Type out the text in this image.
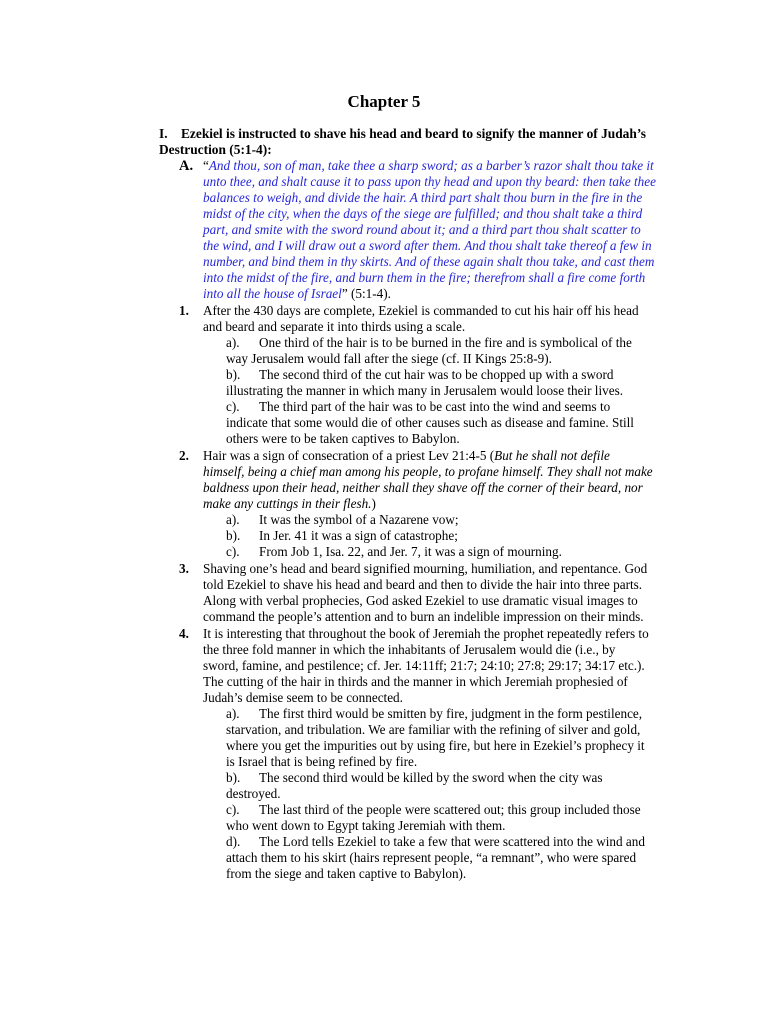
Chapter 5
I. Ezekiel is instructed to shave his head and beard to signify the manner of Judah’s Destruction (5:1-4):
A. “And thou, son of man, take thee a sharp sword; as a barber’s razor shalt thou take it unto thee, and shalt cause it to pass upon thy head and upon thy beard: then take thee balances to weigh, and divide the hair. A third part shalt thou burn in the fire in the midst of the city, when the days of the siege are fulfilled; and thou shalt take a third part, and smite with the sword round about it; and a third part thou shalt scatter to the wind, and I will draw out a sword after them. And thou shalt take thereof a few in number, and bind them in thy skirts. And of these again shalt thou take, and cast them into the midst of the fire, and burn them in the fire; therefrom shall a fire come forth into all the house of Israel” (5:1-4).
1. After the 430 days are complete, Ezekiel is commanded to cut his hair off his head and beard and separate it into thirds using a scale.
a). One third of the hair is to be burned in the fire and is symbolical of the way Jerusalem would fall after the siege (cf. II Kings 25:8-9).
b). The second third of the cut hair was to be chopped up with a sword illustrating the manner in which many in Jerusalem would loose their lives.
c). The third part of the hair was to be cast into the wind and seems to indicate that some would die of other causes such as disease and famine. Still others were to be taken captives to Babylon.
2. Hair was a sign of consecration of a priest Lev 21:4-5 (But he shall not defile himself, being a chief man among his people, to profane himself. They shall not make baldness upon their head, neither shall they shave off the corner of their beard, nor make any cuttings in their flesh.)
a). It was the symbol of a Nazarene vow;
b). In Jer. 41 it was a sign of catastrophe;
c). From Job 1, Isa. 22, and Jer. 7, it was a sign of mourning.
3. Shaving one’s head and beard signified mourning, humiliation, and repentance. God told Ezekiel to shave his head and beard and then to divide the hair into three parts. Along with verbal prophecies, God asked Ezekiel to use dramatic visual images to command the people’s attention and to burn an indelible impression on their minds.
4. It is interesting that throughout the book of Jeremiah the prophet repeatedly refers to the three fold manner in which the inhabitants of Jerusalem would die (i.e., by sword, famine, and pestilence; cf. Jer. 14:11ff; 21:7; 24:10; 27:8; 29:17; 34:17 etc.). The cutting of the hair in thirds and the manner in which Jeremiah prophesied of Judah’s demise seem to be connected.
a). The first third would be smitten by fire, judgment in the form pestilence, starvation, and tribulation. We are familiar with the refining of silver and gold, where you get the impurities out by using fire, but here in Ezekiel’s prophecy it is Israel that is being refined by fire.
b). The second third would be killed by the sword when the city was destroyed.
c). The last third of the people were scattered out; this group included those who went down to Egypt taking Jeremiah with them.
d). The Lord tells Ezekiel to take a few that were scattered into the wind and attach them to his skirt (hairs represent people, “a remnant”, who were spared from the siege and taken captive to Babylon).
